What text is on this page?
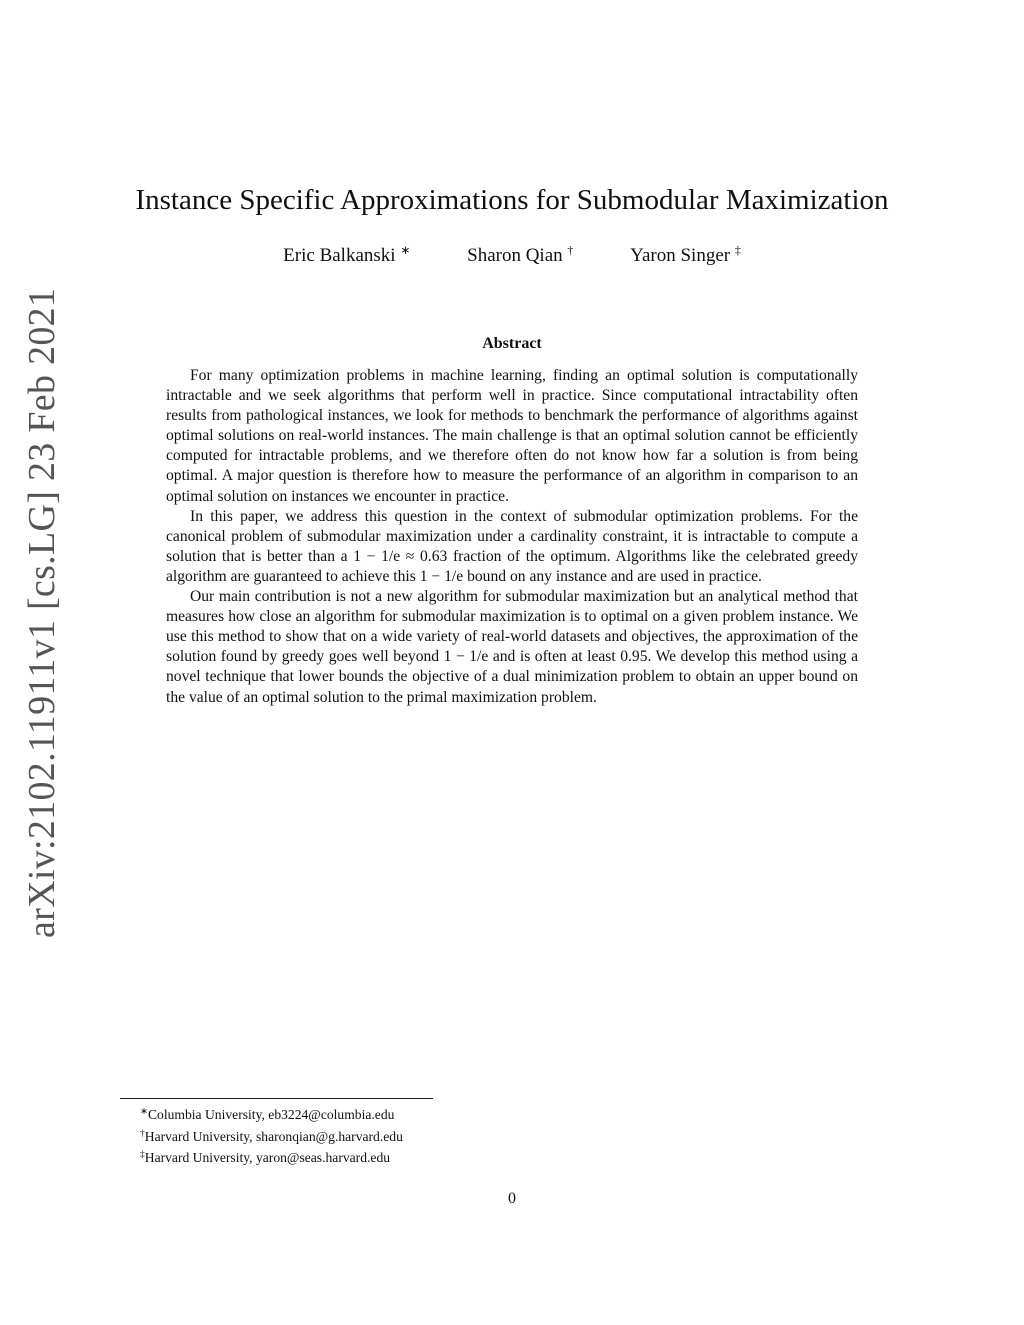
arXiv:2102.11911v1 [cs.LG] 23 Feb 2021
Instance Specific Approximations for Submodular Maximization
Eric Balkanski ∗	Sharon Qian †	Yaron Singer ‡
Abstract

For many optimization problems in machine learning, finding an optimal solution is computationally intractable and we seek algorithms that perform well in practice. Since computational intractability often results from pathological instances, we look for methods to benchmark the performance of algorithms against optimal solutions on real-world instances. The main challenge is that an optimal solution cannot be efficiently computed for intractable problems, and we therefore often do not know how far a solution is from being optimal. A major question is therefore how to measure the performance of an algorithm in comparison to an optimal solution on instances we encounter in practice.

In this paper, we address this question in the context of submodular optimization problems. For the canonical problem of submodular maximization under a cardinality constraint, it is intractable to compute a solution that is better than a 1 − 1/e ≈ 0.63 fraction of the optimum. Algorithms like the celebrated greedy algorithm are guaranteed to achieve this 1 − 1/e bound on any instance and are used in practice.

Our main contribution is not a new algorithm for submodular maximization but an analytical method that measures how close an algorithm for submodular maximization is to optimal on a given problem instance. We use this method to show that on a wide variety of real-world datasets and objectives, the approximation of the solution found by greedy goes well beyond 1 − 1/e and is often at least 0.95. We develop this method using a novel technique that lower bounds the objective of a dual minimization problem to obtain an upper bound on the value of an optimal solution to the primal maximization problem.

∗Columbia University, eb3224@columbia.edu
†Harvard University, sharonqian@g.harvard.edu
‡Harvard University, yaron@seas.harvard.edu
0
